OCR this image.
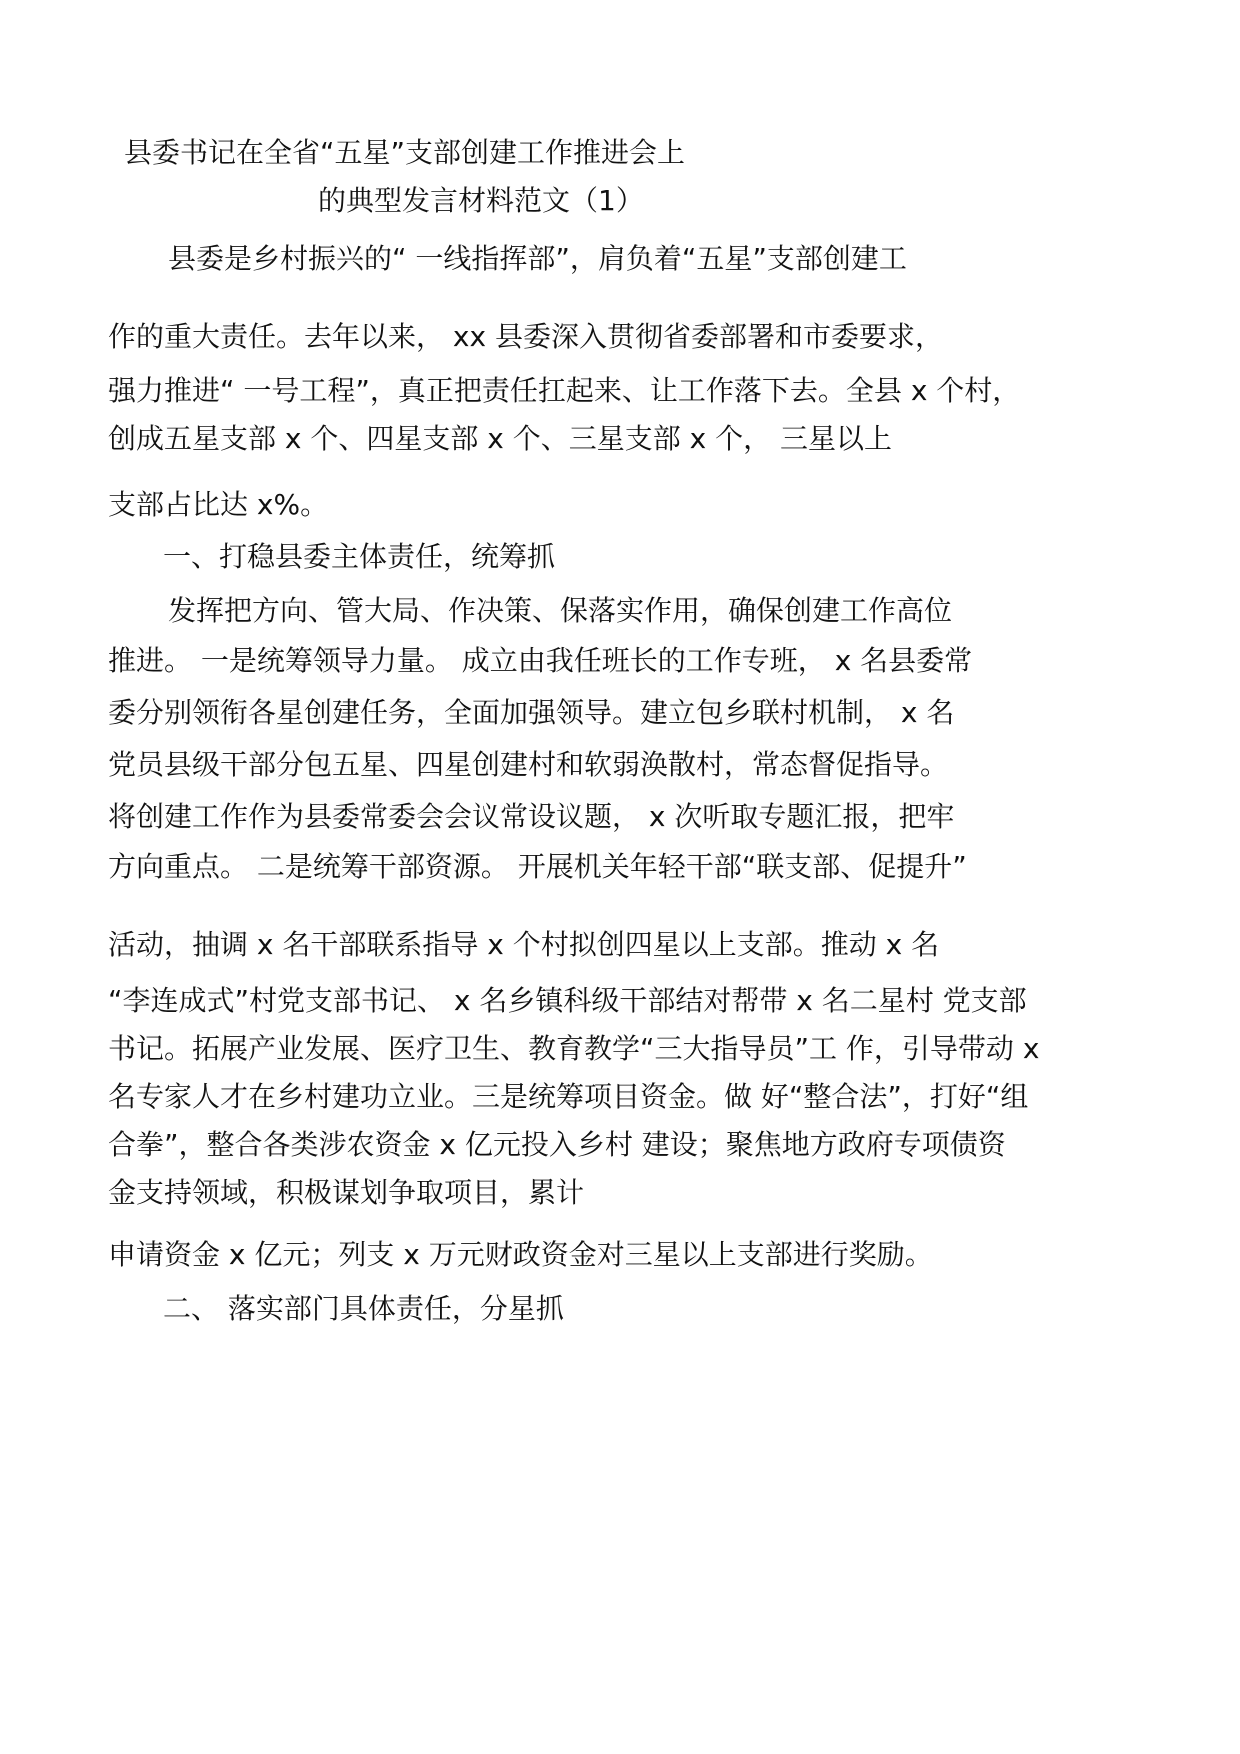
县委书记在全省“五星”支部创建工作推进会上
的典型发言材料范文（1）
县委是乡村振兴的“ 一线指挥部”，肩负着“五星”支部创建工
作的重大责任。去年以来， xx 县委深入贯彻省委部署和市委要求，
强力推进“ 一号工程”，真正把责任扛起来、让工作落下去。全县 x 个村，
创成五星支部 x 个、四星支部 x 个、三星支部 x 个， 三星以上
支部占比达 x%。
一、打稳县委主体责任，统筹抓
发挥把方向、管大局、作决策、保落实作用，确保创建工作高位
推进。 一是统筹领导力量。 成立由我任班长的工作专班， x 名县委常
委分别领衔各星创建任务，全面加强领导。建立包乡联村机制， x 名
党员县级干部分包五星、四星创建村和软弱涣散村，常态督促指导。
将创建工作作为县委常委会会议常设议题， x 次听取专题汇报，把牢
方向重点。 二是统筹干部资源。 开展机关年轻干部“联支部、促提升”
活动，抽调 x 名干部联系指导 x 个村拟创四星以上支部。推动 x 名
“李连成式”村党支部书记、 x 名乡镇科级干部结对帮带 x 名二星村 党支部
书记。拓展产业发展、医疗卫生、教育教学“三大指导员”工 作，引导带动 x
名专家人才在乡村建功立业。三是统筹项目资金。做 好“整合法”，打好“组
合拳”，整合各类涉农资金 x 亿元投入乡村 建设；聚焦地方政府专项债资
金支持领域，积极谋划争取项目，累计
申请资金 x 亿元；列支 x 万元财政资金对三星以上支部进行奖励。
二、 落实部门具体责任，分星抓
